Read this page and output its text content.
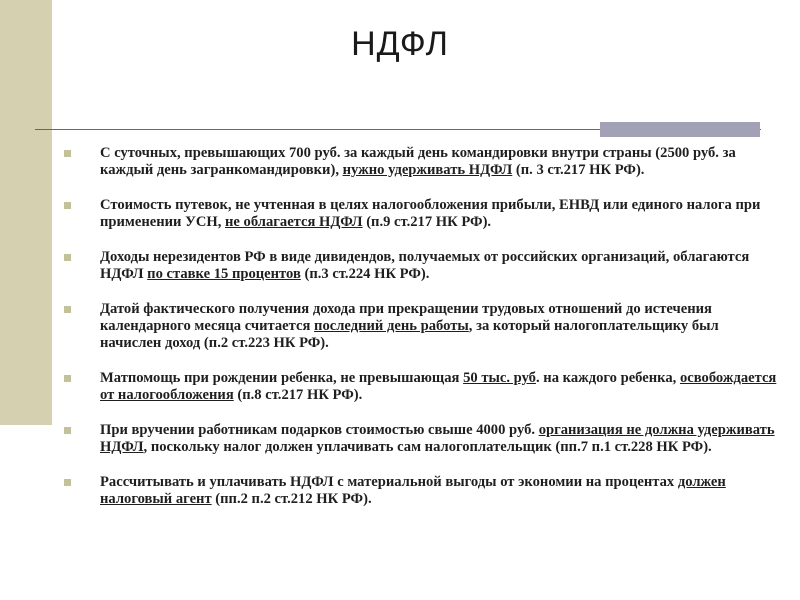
НДФЛ
С суточных, превышающих 700 руб. за каждый день командировки внутри страны (2500 руб. за каждый день загранкомандировки), нужно удерживать НДФЛ (п. 3 ст.217 НК РФ).
Стоимость путевок, не учтенная в целях налогообложения прибыли, ЕНВД или единого налога при применении УСН, не облагается НДФЛ (п.9 ст.217 НК РФ).
Доходы нерезидентов РФ в виде дивидендов, получаемых от российских организаций, облагаются НДФЛ по ставке 15 процентов (п.3 ст.224 НК РФ).
Датой фактического получения дохода при прекращении трудовых отношений до истечения календарного месяца считается последний день работы, за который налогоплательщику был начислен доход (п.2 ст.223 НК РФ).
Матпомощь при рождении ребенка, не превышающая 50 тыс. руб. на каждого ребенка, освобождается от налогообложения (п.8 ст.217 НК РФ).
При вручении работникам подарков стоимостью свыше 4000 руб. организация не должна удерживать НДФЛ, поскольку налог должен уплачивать сам налогоплательщик (пп.7 п.1 ст.228 НК РФ).
Рассчитывать и уплачивать НДФЛ с материальной выгоды от экономии на процентах должен налоговый агент (пп.2 п.2 ст.212 НК РФ).
